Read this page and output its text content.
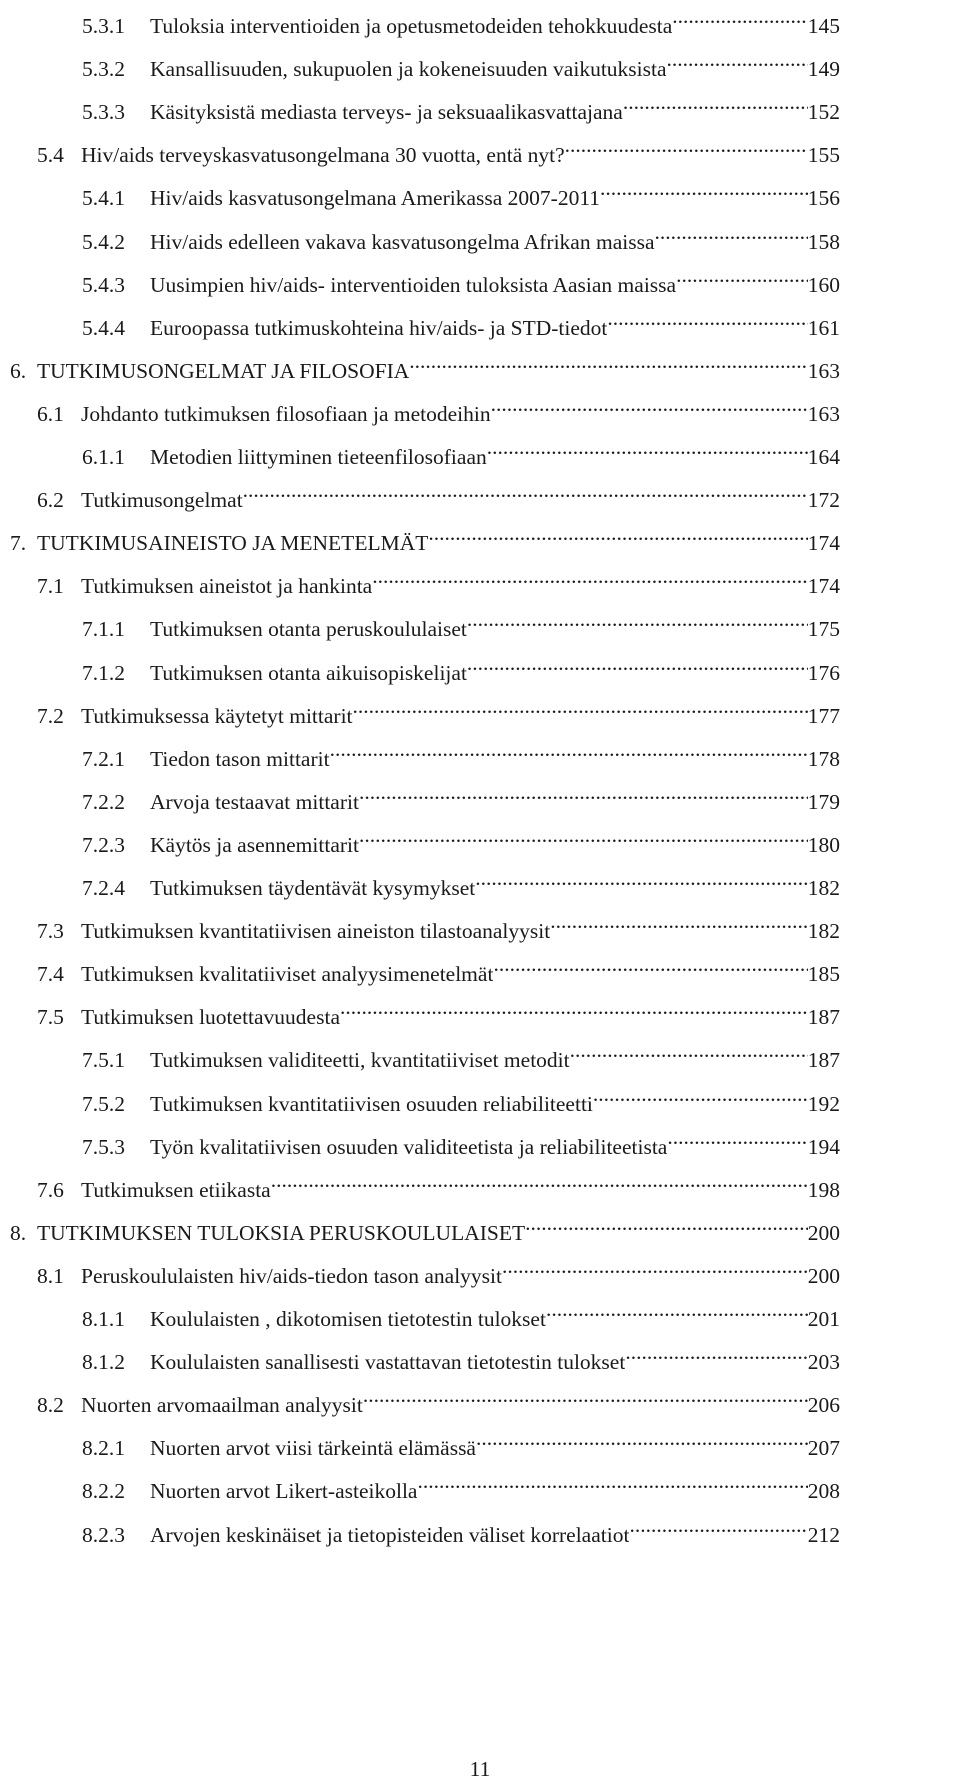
5.3.1	Tuloksia interventioiden ja opetusmetodeiden tehokkuudesta .....	145
5.3.2	Kansallisuuden, sukupuolen ja kokeneisuuden vaikutuksista .....	149
5.3.3	Käsityksistä mediasta terveys- ja seksuaalikasvattajana .....	152
5.4 Hiv/aids terveyskasvatusongelmana 30 vuotta, entä nyt? .....	155
5.4.1	Hiv/aids kasvatusongelmana Amerikassa 2007-2011 .....	156
5.4.2	Hiv/aids edelleen vakava kasvatusongelma Afrikan maissa .....	158
5.4.3	Uusimpien hiv/aids- interventioiden tuloksista Aasian maissa .....	160
5.4.4	Euroopassa tutkimuskohteina hiv/aids- ja STD-tiedot .....	161
6. TUTKIMUSONGELMAT JA FILOSOFIA .....	163
6.1 Johdanto tutkimuksen filosofiaan ja metodeihin .....	163
6.1.1	Metodien liittyminen tieteenfilosofiaan .....	164
6.2 Tutkimusongelmat .....	172
7. TUTKIMUSAINEISTO JA MENETELMÄT .....	174
7.1 Tutkimuksen aineistot ja hankinta .....	174
7.1.1	Tutkimuksen otanta peruskoululaiset .....	175
7.1.2	Tutkimuksen otanta aikuisopiskelijat .....	176
7.2 Tutkimuksessa käytetyt mittarit .....	177
7.2.1	Tiedon tason mittarit .....	178
7.2.2	Arvoja testaavat mittarit .....	179
7.2.3	Käytös ja asennemittarit .....	180
7.2.4	Tutkimuksen täydentävät kysymykset .....	182
7.3 Tutkimuksen kvantitatiivisen aineiston tilastoanalyysit .....	182
7.4 Tutkimuksen kvalitatiiviset analyysimenetelmät .....	185
7.5 Tutkimuksen luotettavuudesta .....	187
7.5.1	Tutkimuksen validiteetti, kvantitatiiviset metodit .....	187
7.5.2	Tutkimuksen kvantitatiivisen osuuden reliabiliteetti .....	192
7.5.3	Työn kvalitatiivisen osuuden validiteetista ja reliabiliteetista .....	194
7.6 Tutkimuksen etiikasta .....	198
8. TUTKIMUKSEN TULOKSIA PERUSKOULULAISET .....	200
8.1 Peruskoululaisten hiv/aids-tiedon tason analyysit .....	200
8.1.1	Koululaisten , dikotomisen tietotestin tulokset .....	201
8.1.2	Koululaisten sanallisesti vastattavan tietotestin tulokset .....	203
8.2 Nuorten arvomaailman analyysit .....	206
8.2.1	Nuorten arvot viisi tärkeintä elämässä .....	207
8.2.2	Nuorten arvot Likert-asteikolla .....	208
8.2.3	Arvojen keskinäiset ja tietopisteiden väliset korrelaatiot .....	212
11
